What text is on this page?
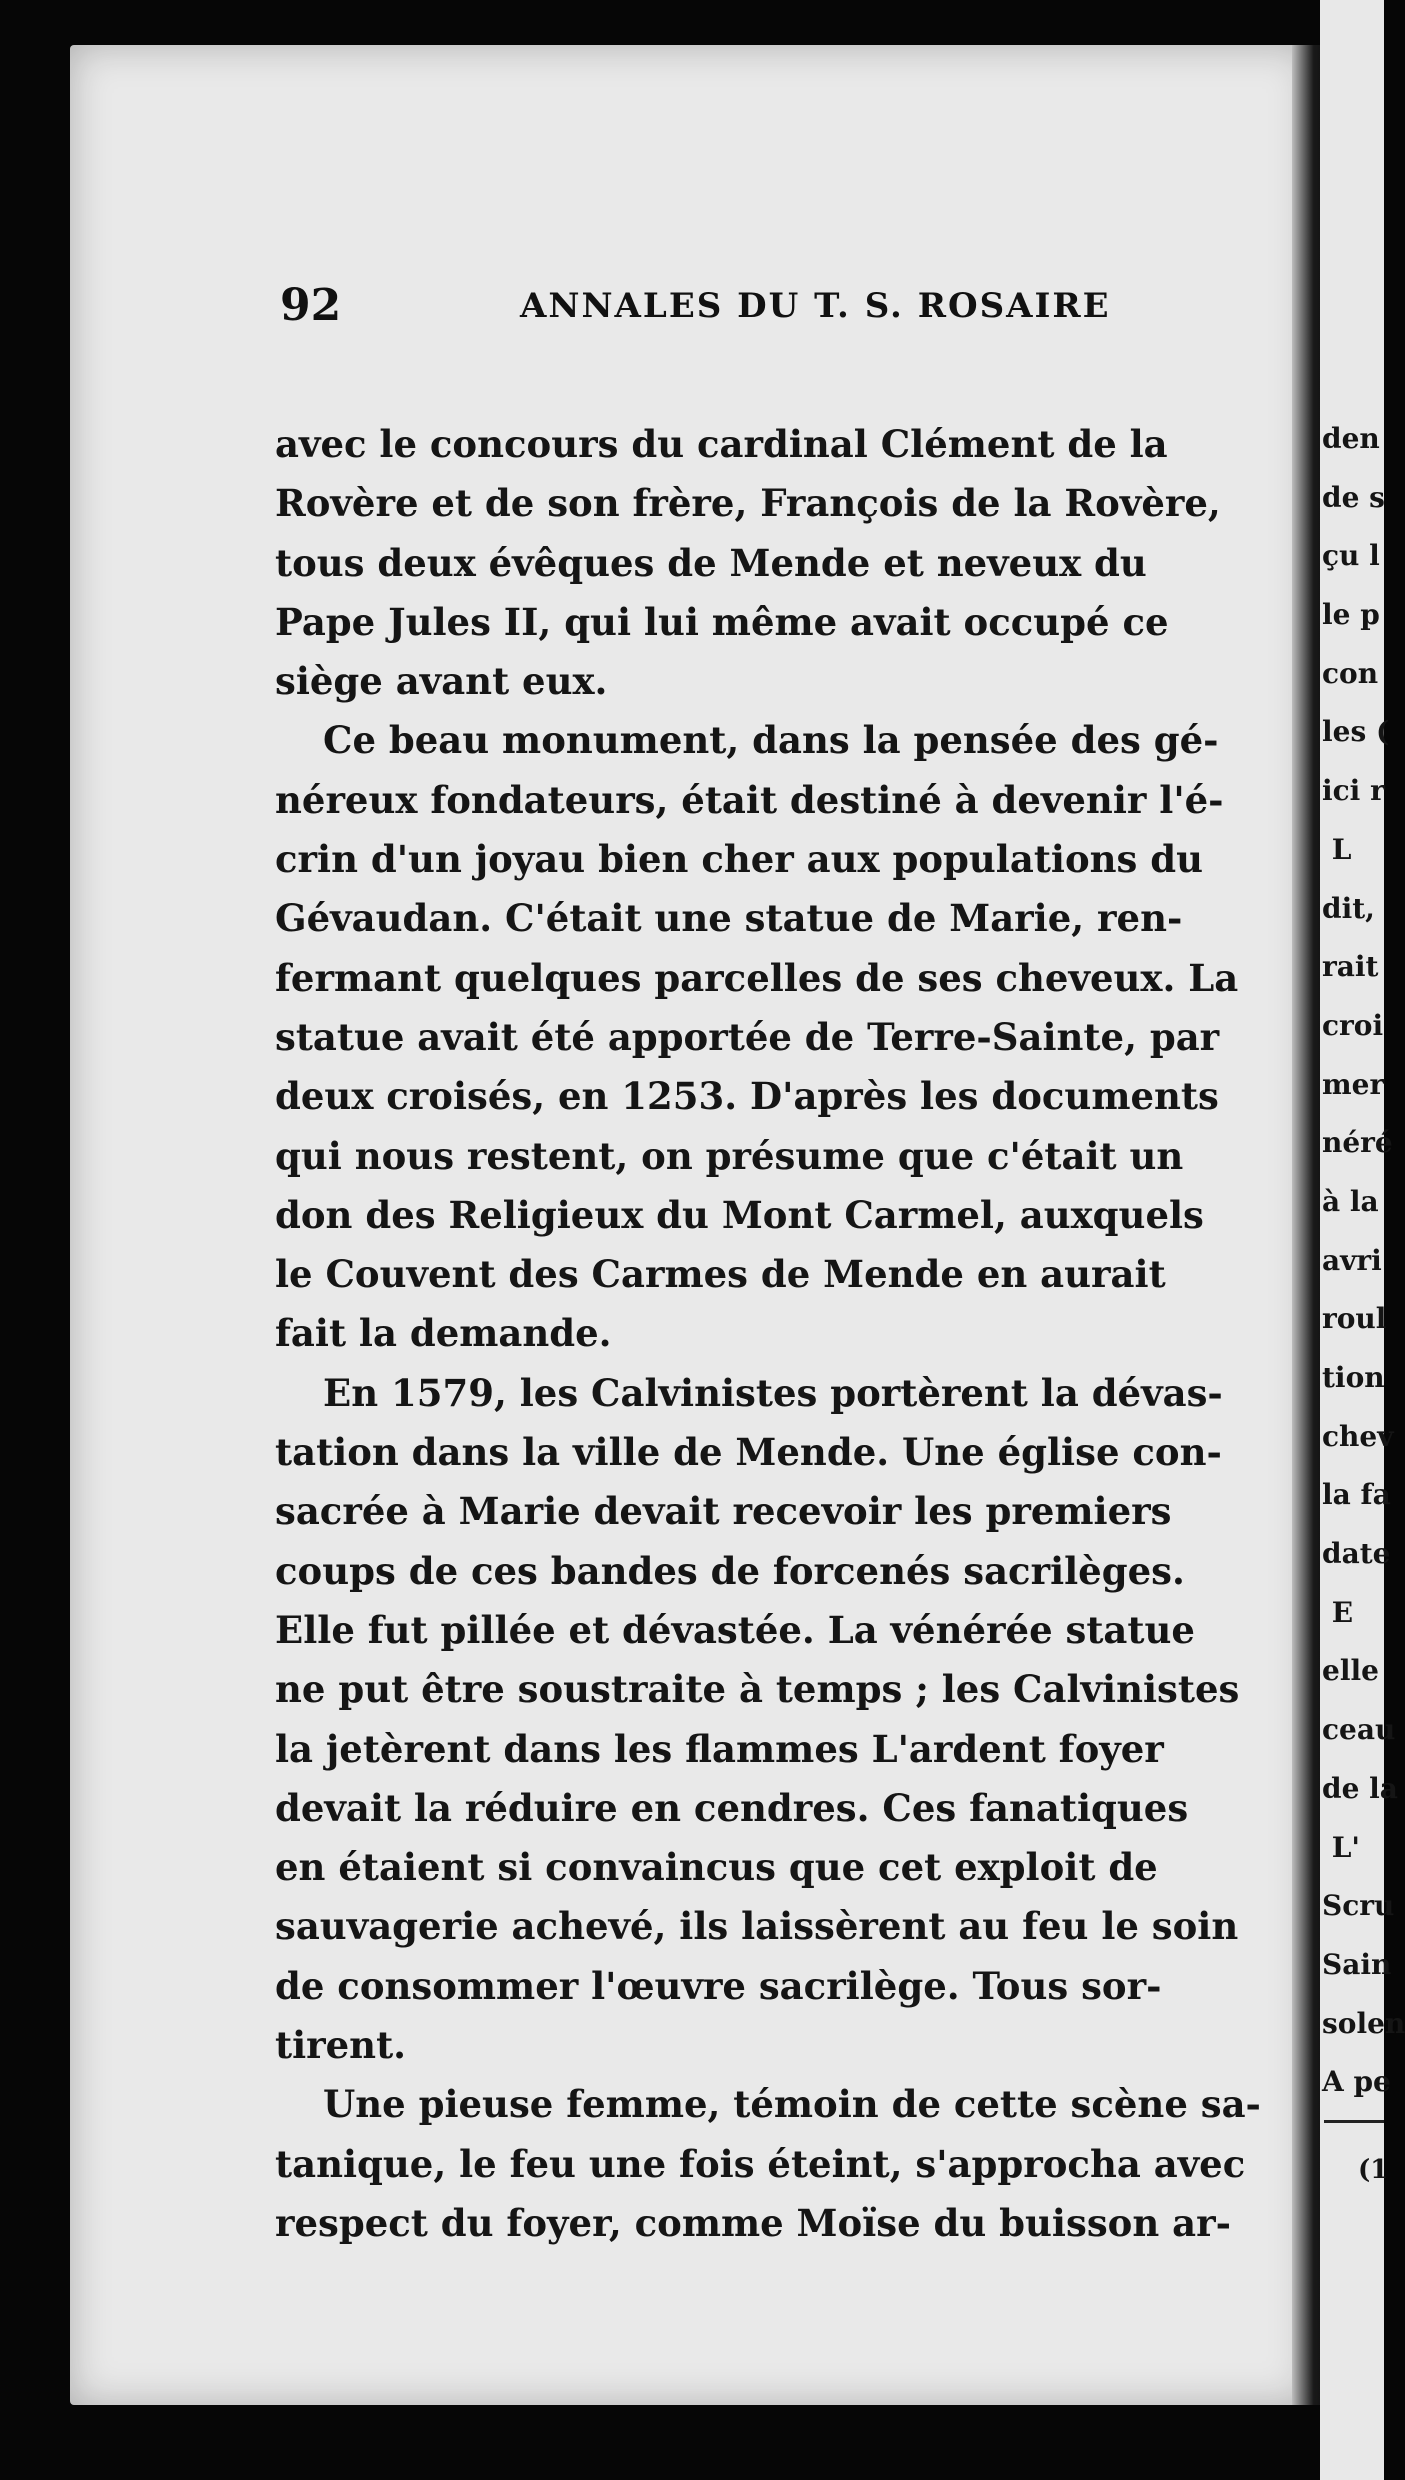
92	ANNALES DU T. S. ROSAIRE
avec le concours du cardinal Clément de la
Rovère et de son frère, François de la Rovère,
tous deux évêques de Mende et neveux du
Pape Jules II, qui lui même avait occupé ce
siège avant eux.
Ce beau monument, dans la pensée des gé-
néreux fondateurs, était destiné à devenir l'é-
crin d'un joyau bien cher aux populations du
Gévaudan. C'était une statue de Marie, ren-
fermant quelques parcelles de ses cheveux. La
statue avait été apportée de Terre-Sainte, par
deux croisés, en 1253. D'après les documents
qui nous restent, on présume que c'était un
don des Religieux du Mont Carmel, auxquels
le Couvent des Carmes de Mende en aurait
fait la demande.
En 1579, les Calvinistes portèrent la dévas-
tation dans la ville de Mende. Une église con-
sacrée à Marie devait recevoir les premiers
coups de ces bandes de forcenés sacrilèges.
Elle fut pillée et dévastée. La vénérée statue
ne put être soustraite à temps ; les Calvinistes
la jetèrent dans les flammes L'ardent foyer
devait la réduire en cendres. Ces fanatiques
en étaient si convaincus que cet exploit de
sauvagerie achevé, ils laissèrent au feu le soin
de consommer l'œuvre sacrilège. Tous sor-
tirent.
Une pieuse femme, témoin de cette scène sa-
tanique, le feu une fois éteint, s'approcha avec
respect du foyer, comme Moïse du buisson ar-
den
de s
çu l
le p
con
les (
ici r
L
dit,
rait
croi
mer
néré
à la
avri
roul
tion
chev
la fa
date
E
elle
ceau
de la
L'
Scru
Sain
solen
A pe
(1
